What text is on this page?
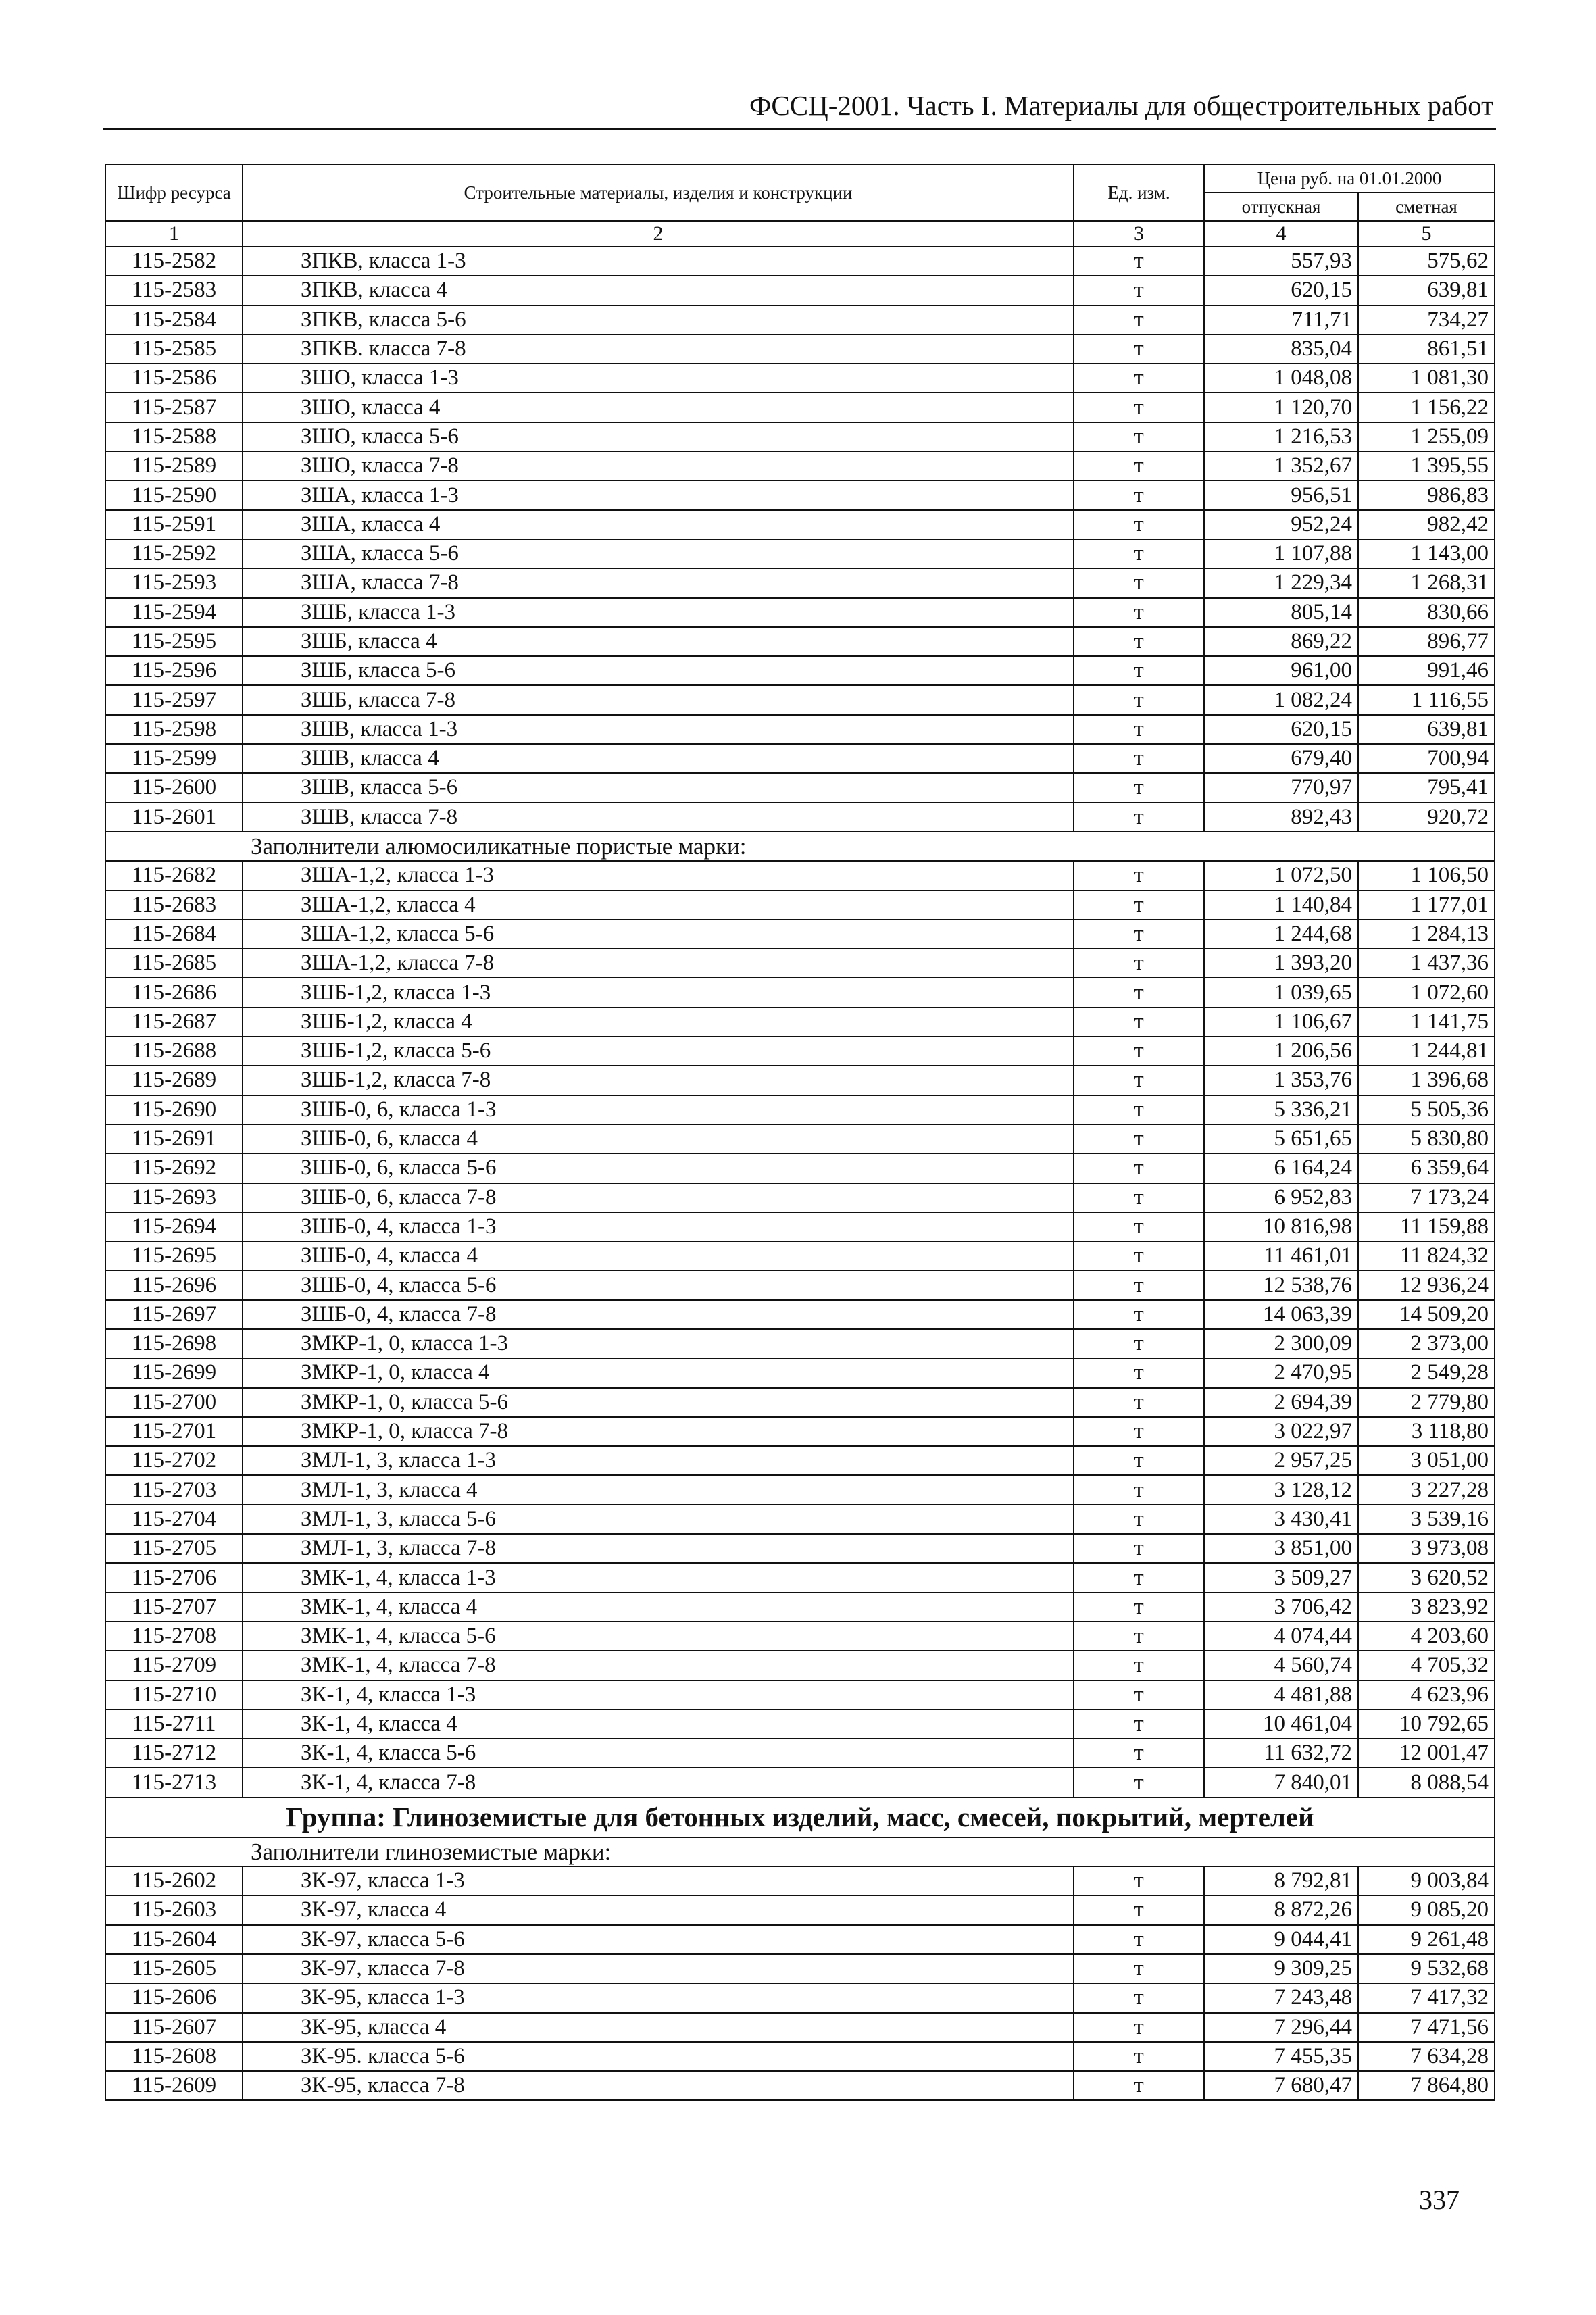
ФССЦ-2001. Часть I. Материалы для общестроительных работ
Шифр ресурса	Строительные материалы, изделия и конструкции	Ед. изм.	Цена руб. на 01.01.2000	
			отпускная	сметная
1	2	3	4	5
115-2582	ЗПКВ, класса 1-3	т	557,93	575,62
115-2583	ЗПКВ, класса 4	т	620,15	639,81
115-2584	ЗПКВ, класса 5-6	т	711,71	734,27
115-2585	ЗПКВ. класса 7-8	т	835,04	861,51
115-2586	ЗШО, класса 1-3	т	1 048,08	1 081,30
115-2587	ЗШО, класса 4	т	1 120,70	1 156,22
115-2588	ЗШО, класса 5-6	т	1 216,53	1 255,09
115-2589	ЗШО, класса 7-8	т	1 352,67	1 395,55
115-2590	ЗША, класса 1-3	т	956,51	986,83
115-2591	ЗША, класса 4	т	952,24	982,42
115-2592	ЗША, класса 5-6	т	1 107,88	1 143,00
115-2593	ЗША, класса 7-8	т	1 229,34	1 268,31
115-2594	ЗШБ, класса 1-3	т	805,14	830,66
115-2595	ЗШБ, класса 4	т	869,22	896,77
115-2596	ЗШБ, класса 5-6	т	961,00	991,46
115-2597	ЗШБ, класса 7-8	т	1 082,24	1 116,55
115-2598	ЗШВ, класса 1-3	т	620,15	639,81
115-2599	ЗШВ, класса 4	т	679,40	700,94
115-2600	ЗШВ, класса 5-6	т	770,97	795,41
115-2601	ЗШВ, класса 7-8	т	892,43	920,72
Заполнители алюмосиликатные пористые марки:				
115-2682	ЗША-1,2, класса 1-3	т	1 072,50	1 106,50
115-2683	ЗША-1,2, класса 4	т	1 140,84	1 177,01
115-2684	ЗША-1,2, класса 5-6	т	1 244,68	1 284,13
115-2685	ЗША-1,2, класса 7-8	т	1 393,20	1 437,36
115-2686	ЗШБ-1,2, класса 1-3	т	1 039,65	1 072,60
115-2687	ЗШБ-1,2, класса 4	т	1 106,67	1 141,75
115-2688	ЗШБ-1,2, класса 5-6	т	1 206,56	1 244,81
115-2689	ЗШБ-1,2, класса 7-8	т	1 353,76	1 396,68
115-2690	ЗШБ-0, 6, класса 1-3	т	5 336,21	5 505,36
115-2691	ЗШБ-0, 6, класса 4	т	5 651,65	5 830,80
115-2692	ЗШБ-0, 6, класса 5-6	т	6 164,24	6 359,64
115-2693	ЗШБ-0, 6, класса 7-8	т	6 952,83	7 173,24
115-2694	ЗШБ-0, 4, класса 1-3	т	10 816,98	11 159,88
115-2695	ЗШБ-0, 4, класса 4	т	11 461,01	11 824,32
115-2696	ЗШБ-0, 4, класса 5-6	т	12 538,76	12 936,24
115-2697	ЗШБ-0, 4, класса 7-8	т	14 063,39	14 509,20
115-2698	ЗМКР-1, 0, класса 1-3	т	2 300,09	2 373,00
115-2699	ЗМКР-1, 0, класса 4	т	2 470,95	2 549,28
115-2700	ЗМКР-1, 0, класса 5-6	т	2 694,39	2 779,80
115-2701	ЗМКР-1, 0, класса 7-8	т	3 022,97	3 118,80
115-2702	ЗМЛ-1, 3, класса 1-3	т	2 957,25	3 051,00
115-2703	ЗМЛ-1, 3, класса 4	т	3 128,12	3 227,28
115-2704	ЗМЛ-1, 3, класса 5-6	т	3 430,41	3 539,16
115-2705	ЗМЛ-1, 3, класса 7-8	т	3 851,00	3 973,08
115-2706	ЗМК-1, 4, класса 1-3	т	3 509,27	3 620,52
115-2707	ЗМК-1, 4, класса 4	т	3 706,42	3 823,92
115-2708	ЗМК-1, 4, класса 5-6	т	4 074,44	4 203,60
115-2709	ЗМК-1, 4, класса 7-8	т	4 560,74	4 705,32
115-2710	ЗК-1, 4, класса 1-3	т	4 481,88	4 623,96
115-2711	ЗК-1, 4, класса 4	т	10 461,04	10 792,65
115-2712	ЗК-1, 4, класса 5-6	т	11 632,72	12 001,47
115-2713	ЗК-1, 4, класса 7-8	т	7 840,01	8 088,54
Группа: Глиноземистые для бетонных изделий, масс, смесей, покрытий, мертелей				
Заполнители глиноземистые марки:				
115-2602	ЗК-97, класса 1-3	т	8 792,81	9 003,84
115-2603	ЗК-97, класса 4	т	8 872,26	9 085,20
115-2604	ЗК-97, класса 5-6	т	9 044,41	9 261,48
115-2605	ЗК-97, класса 7-8	т	9 309,25	9 532,68
115-2606	ЗК-95, класса 1-3	т	7 243,48	7 417,32
115-2607	ЗК-95, класса 4	т	7 296,44	7 471,56
115-2608	ЗК-95. класса 5-6	т	7 455,35	7 634,28
115-2609	ЗК-95, класса 7-8	т	7 680,47	7 864,80
337
